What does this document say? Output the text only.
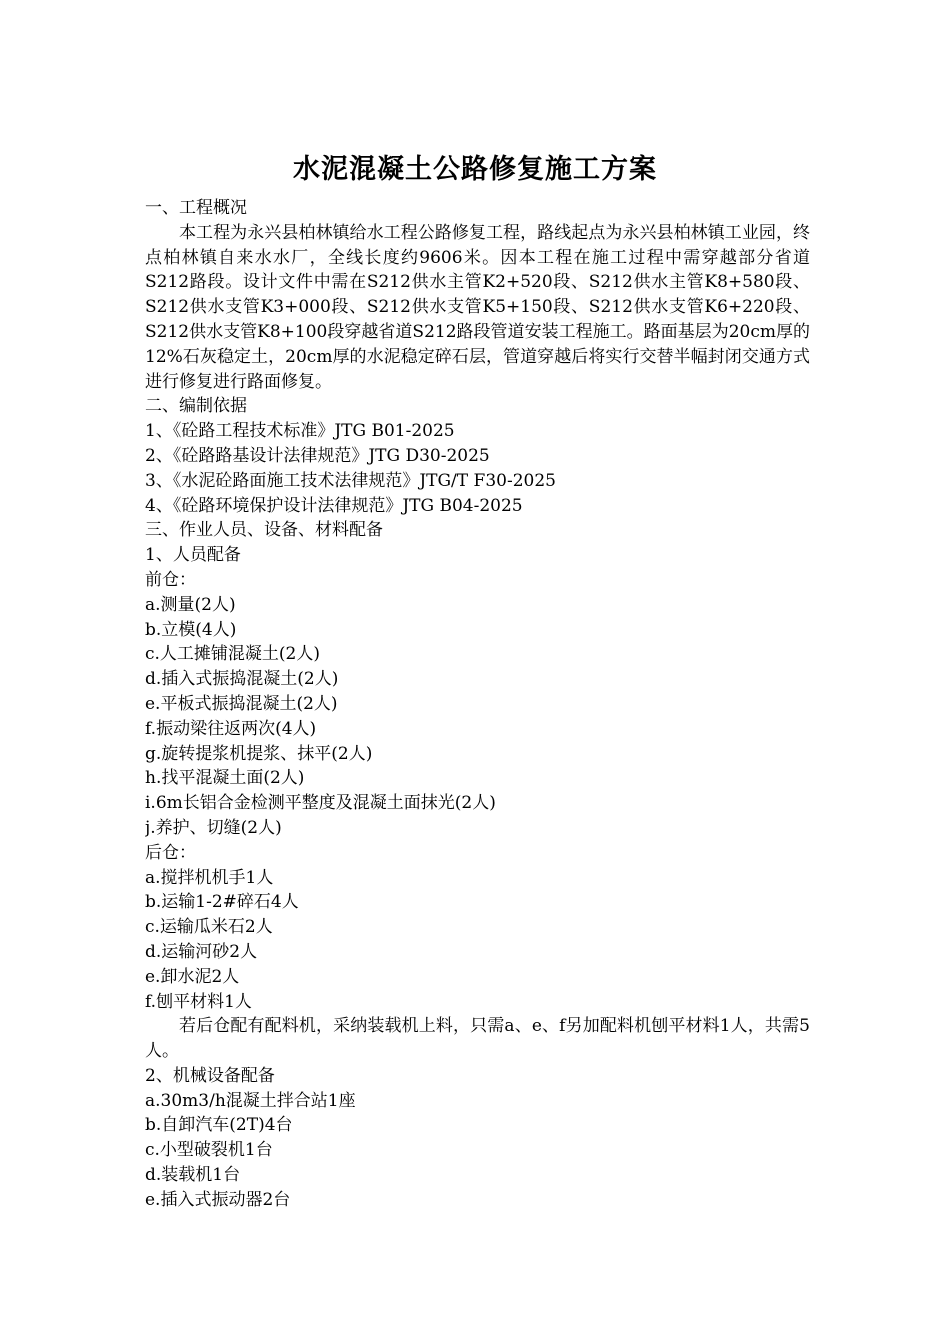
水泥混凝土公路修复施工方案

一、工程概况

本工程为永兴县柏林镇给水工程公路修复工程，路线起点为永兴县柏林镇工业园，终点柏林镇自来水水厂，全线长度约9606米。因本工程在施工过程中需穿越部分省道S212路段。设计文件中需在S212供水主管K2+520段、S212供水主管K8+580段、S212供水支管K3+000段、S212供水支管K5+150段、S212供水支管K6+220段、S212供水支管K8+100段穿越省道S212路段管道安装工程施工。路面基层为20cm厚的12%石灰稳定土，20cm厚的水泥稳定碎石层，管道穿越后将实行交替半幅封闭交通方式进行修复进行路面修复。

二、编制依据

1、《砼路工程技术标准》JTG B01-2025

2、《砼路路基设计法律规范》JTG D30-2025

3、《水泥砼路面施工技术法律规范》JTG/T F30-2025

4、《砼路环境保护设计法律规范》JTG B04-2025

三、作业人员、设备、材料配备

1、人员配备

前仓：

a.测量(2人)

b.立模(4人)

c.人工摊铺混凝土(2人)

d.插入式振捣混凝土(2人)

e.平板式振捣混凝土(2人)

f.振动梁往返两次(4人)

g.旋转提浆机提浆、抹平(2人)

h.找平混凝土面(2人)

i.6m长铝合金检测平整度及混凝土面抹光(2人)

j.养护、切缝(2人)

后仓：

a.搅拌机机手1人

b.运输1-2#碎石4人

c.运输瓜米石2人

d.运输河砂2人

e.卸水泥2人

f.刨平材料1人

若后仓配有配料机，采纳装载机上料，只需a、e、f另加配料机刨平材料1人，共需5人。

2、机械设备配备

a.30m3/h混凝土拌合站1座

b.自卸汽车(2T)4台

c.小型破裂机1台

d.装载机1台

e.插入式振动器2台
